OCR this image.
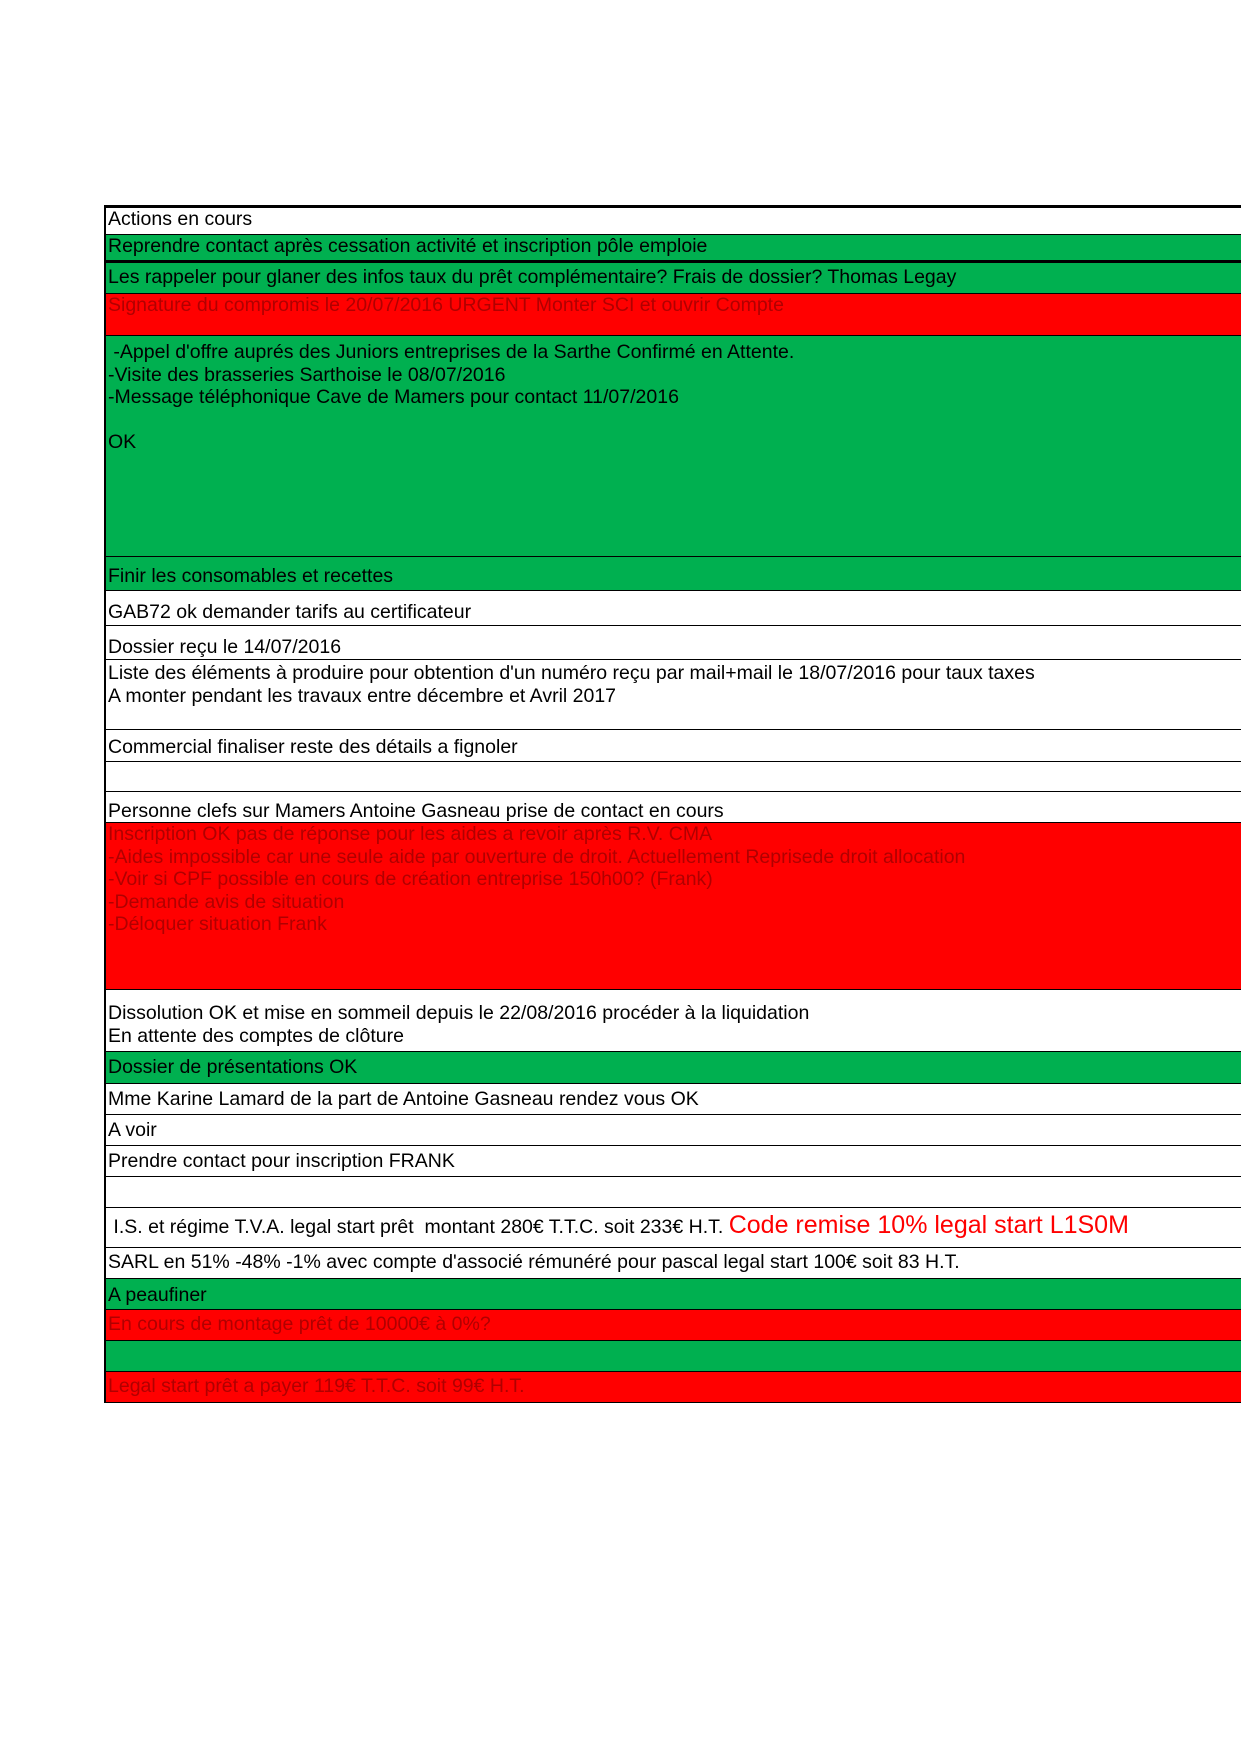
Actions en cours
Reprendre contact après cessation activité et inscription pôle emploie
Les rappeler pour glaner des infos taux du prêt complémentaire? Frais de dossier? Thomas Legay
Signature du compromis le 20/07/2016 URGENT Monter SCI et ouvrir Compte
-Appel d'offre auprés des Juniors entreprises de la Sarthe Confirmé en Attente.
-Visite des brasseries Sarthoise le 08/07/2016
-Message téléphonique Cave de Mamers pour contact 11/07/2016

OK
Finir les consomables et recettes
GAB72 ok demander tarifs au certificateur
Dossier reçu le 14/07/2016
Liste des éléments à produire pour obtention d'un numéro reçu par mail+mail le 18/07/2016 pour taux taxes
A monter pendant les travaux entre décembre et Avril 2017
Commercial finaliser reste des détails a fignoler

Personne clefs sur Mamers Antoine Gasneau prise de contact en cours
Inscription OK pas de réponse pour les aides a revoir après R.V. CMA
-Aides impossible car une seule aide par ouverture de droit. Actuellement Reprisede droit allocation
-Voir si CPF possible en cours de création entreprise 150h00? (Frank)
-Demande avis de situation
-Déloquer situation Frank
Dissolution OK et mise en sommeil depuis le 22/08/2016 procéder à la liquidation
En attente des comptes de clôture
Dossier de présentations OK
Mme Karine Lamard de la part de Antoine Gasneau rendez vous OK
A voir
Prendre contact pour inscription FRANK

I.S. et régime T.V.A. legal start prêt  montant 280€ T.T.C. soit 233€ H.T. Code remise 10% legal start L1S0M
SARL en 51% -48% -1% avec compte d'associé rémunéré pour pascal legal start 100€ soit 83 H.T.
A peaufiner
En cours de montage prêt de 10000€ à 0%?

Legal start prêt a payer 119€ T.T.C. soit 99€ H.T.
